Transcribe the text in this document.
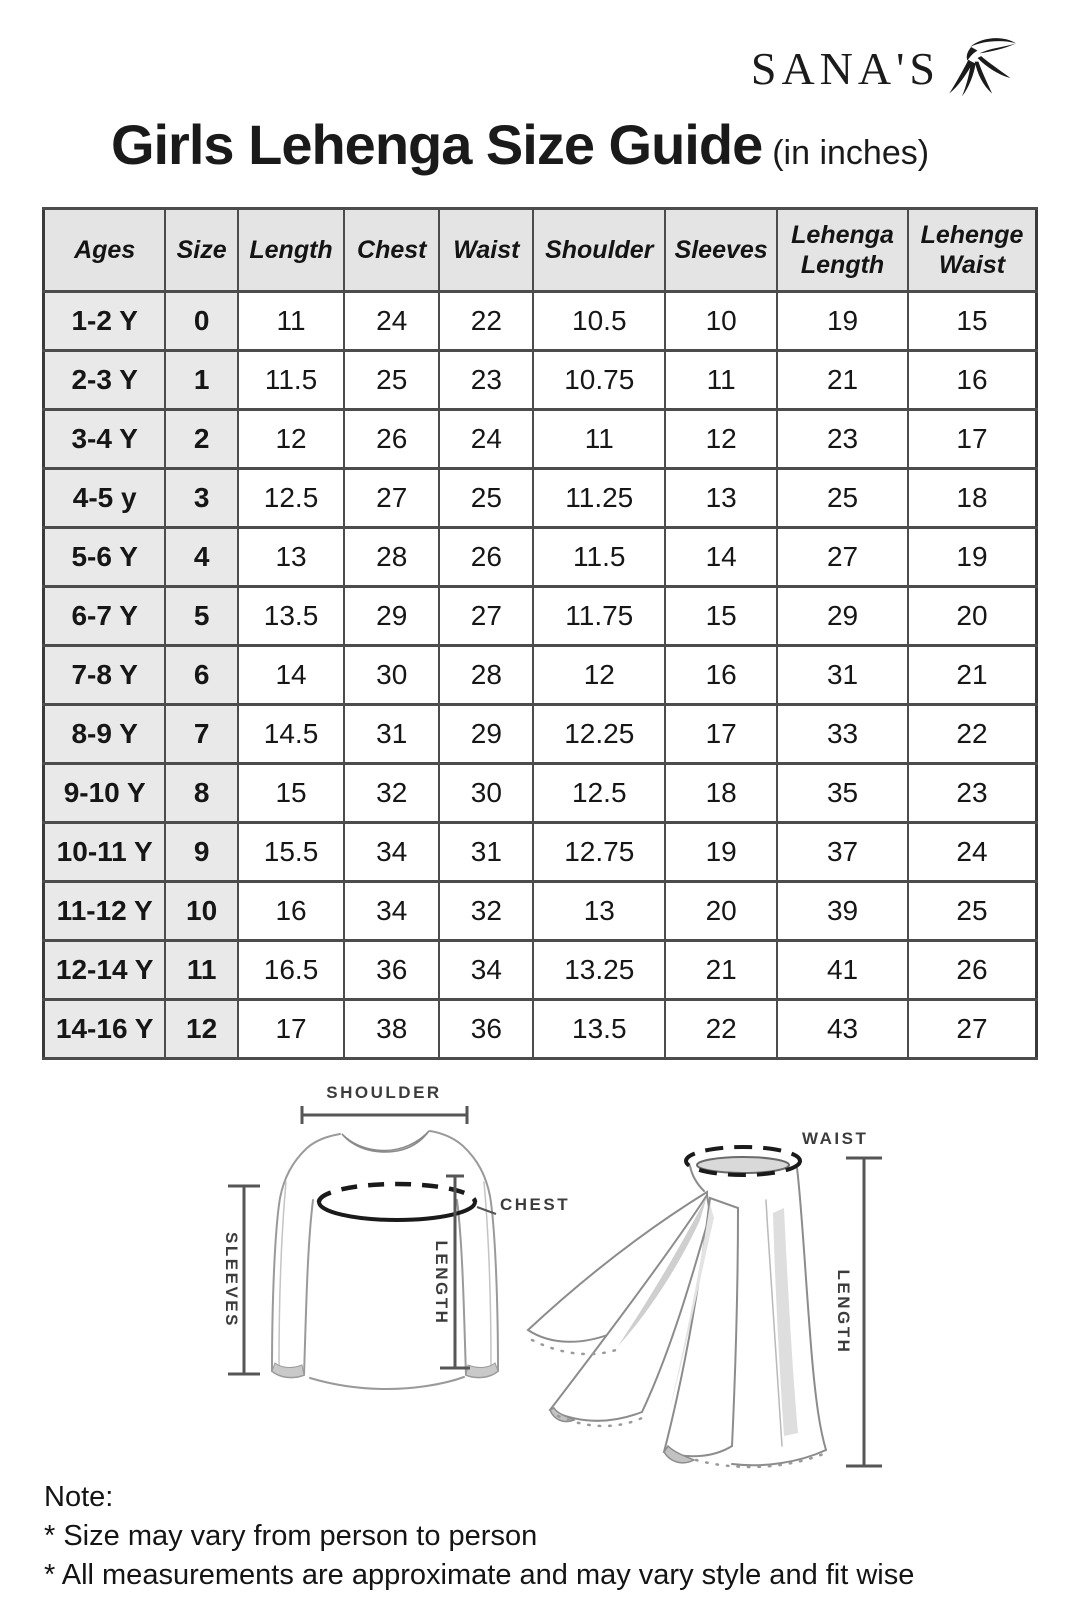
SANA'S
Girls Lehenga Size Guide (in inches)
Ages	Size	Length	Chest	Waist	Shoulder	Sleeves	Lehenga Length	Lehenge Waist
1-2 Y	0	11	24	22	10.5	10	19	15
2-3 Y	1	11.5	25	23	10.75	11	21	16
3-4 Y	2	12	26	24	11	12	23	17
4-5 y	3	12.5	27	25	11.25	13	25	18
5-6 Y	4	13	28	26	11.5	14	27	19
6-7 Y	5	13.5	29	27	11.75	15	29	20
7-8 Y	6	14	30	28	12	16	31	21
8-9 Y	7	14.5	31	29	12.25	17	33	22
9-10 Y	8	15	32	30	12.5	18	35	23
10-11 Y	9	15.5	34	31	12.75	19	37	24
11-12 Y	10	16	34	32	13	20	39	25
12-14 Y	11	16.5	36	34	13.25	21	41	26
14-16 Y	12	17	38	36	13.5	22	43	27
SHOULDER
CHEST
SLEEVES	LENGTH
WAIST
LENGTH
Note:
* Size may vary from person to person
* All measurements are approximate and may vary style and fit wise
